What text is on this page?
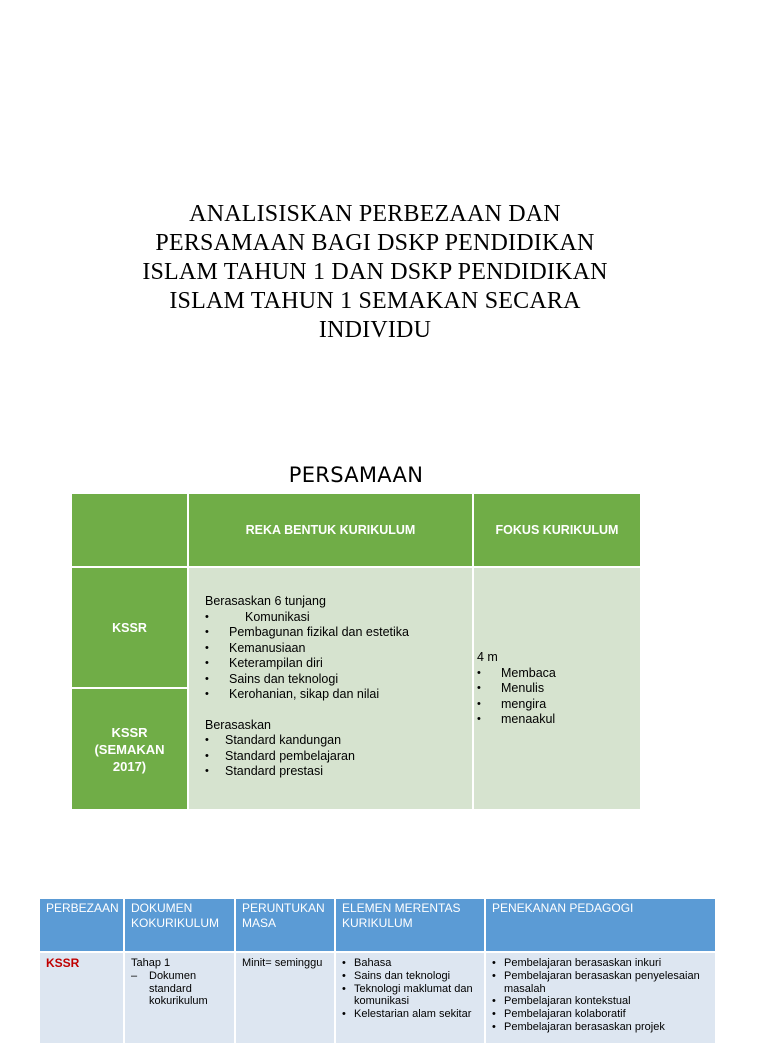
ANALISISKAN PERBEZAAN DAN
PERSAMAAN BAGI DSKP PENDIDIKAN
ISLAM TAHUN 1 DAN DSKP PENDIDIKAN
ISLAM TAHUN 1 SEMAKAN SECARA
INDIVIDU
PERSAMAAN
REKA BENTUK KURIKULUM	FOKUS KURIKULUM
KSSR
KSSR (SEMAKAN 2017)
Berasaskan 6 tunjang
• Komunikasi
• Pembagunan fizikal dan estetika
• Kemanusiaan
• Keterampilan diri
• Sains dan teknologi
• Kerohanian, sikap dan nilai
Berasaskan
• Standard kandungan
• Standard pembelajaran
• Standard prestasi
4 m
• Membaca
• Menulis
• mengira
• menaakul
PERBEZAAN	DOKUMEN KOKURIKULUM
PERUNTUKAN MASA
ELEMEN MERENTAS KURIKULUM
PENEKANAN PEDAGOGI
KSSR	Tahap 1
– Dokumen standard kokurikulum
Minit= seminggu
•	Bahasa
• Sains dan teknologi
• Teknologi maklumat dan komunikasi
• Kelestarian alam sekitar
• Pembelajaran berasaskan inkuri
• Pembelajaran berasaskan penyelesaian masalah
• Pembelajaran kontekstual
• Pembelajaran kolaboratif
• Pembelajaran berasaskan projek
